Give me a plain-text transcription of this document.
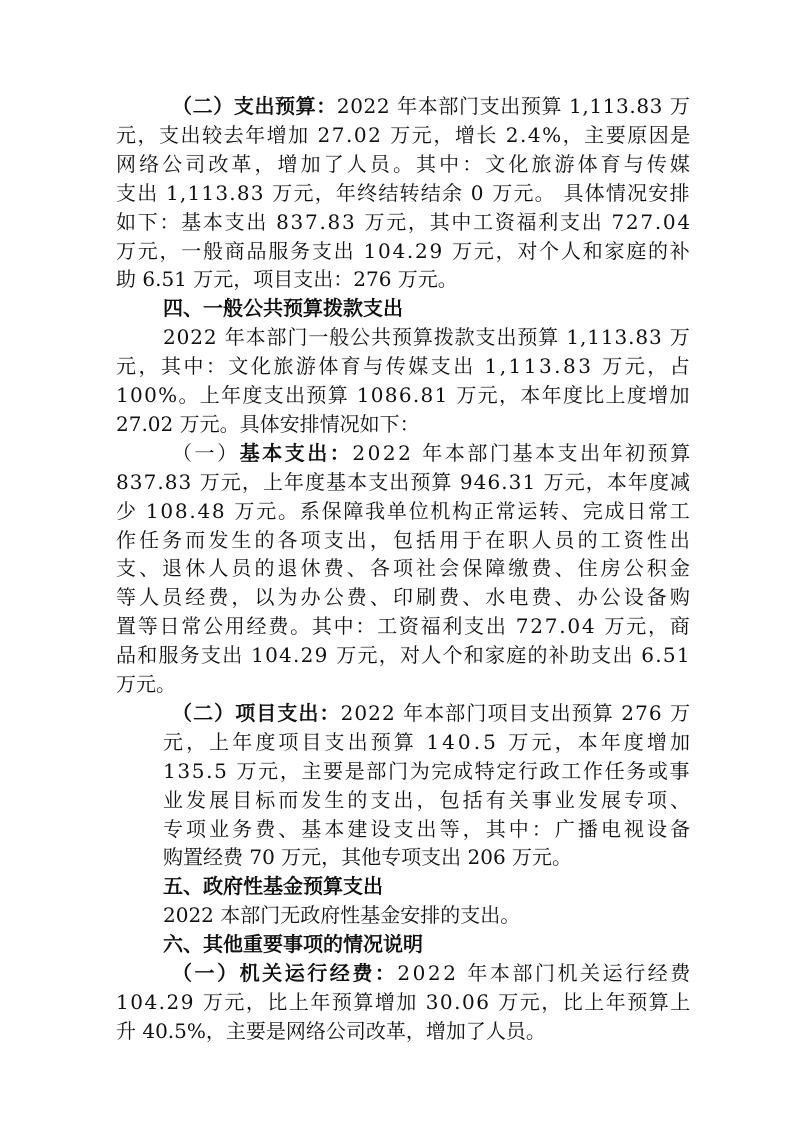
（二）支出预算：2022 年本部门支出预算 1,113.83 万
元，支出较去年增加 27.02 万元，增长 2.4%，主要原因是
网络公司改革，增加了人员。其中：文化旅游体育与传媒
支出 1,113.83 万元，年终结转结余 0 万元。 具体情况安排
如下：基本支出 837.83 万元，其中工资福利支出 727.04
万元，一般商品服务支出 104.29 万元，对个人和家庭的补
助 6.51 万元，项目支出：276 万元。
四、一般公共预算拨款支出
2022 年本部门一般公共预算拨款支出预算 1,113.83 万
元，其中：文化旅游体育与传媒支出 1,113.83 万元，占
100%。上年度支出预算 1086.81 万元，本年度比上度增加
27.02 万元。具体安排情况如下：
（一）基本支出：2022 年本部门基本支出年初预算
837.83 万元，上年度基本支出预算 946.31 万元，本年度减
少 108.48 万元。系保障我单位机构正常运转、完成日常工
作任务而发生的各项支出，包括用于在职人员的工资性出
支、退休人员的退休费、各项社会保障缴费、住房公积金
等人员经费，以为办公费、印刷费、水电费、办公设备购
置等日常公用经费。其中：工资福利支出 727.04 万元，商
品和服务支出 104.29 万元，对人个和家庭的补助支出 6.51
万元。
（二）项目支出：2022 年本部门项目支出预算 276 万
元，上年度项目支出预算 140.5 万元，本年度增加
135.5 万元，主要是部门为完成特定行政工作任务或事
业发展目标而发生的支出，包括有关事业发展专项、
专项业务费、基本建设支出等，其中：广播电视设备
购置经费 70 万元，其他专项支出 206 万元。
五、政府性基金预算支出
2022 本部门无政府性基金安排的支出。
六、其他重要事项的情况说明
（一）机关运行经费：2022 年本部门机关运行经费
104.29 万元，比上年预算增加 30.06 万元，比上年预算上
升 40.5%，主要是网络公司改革，增加了人员。
